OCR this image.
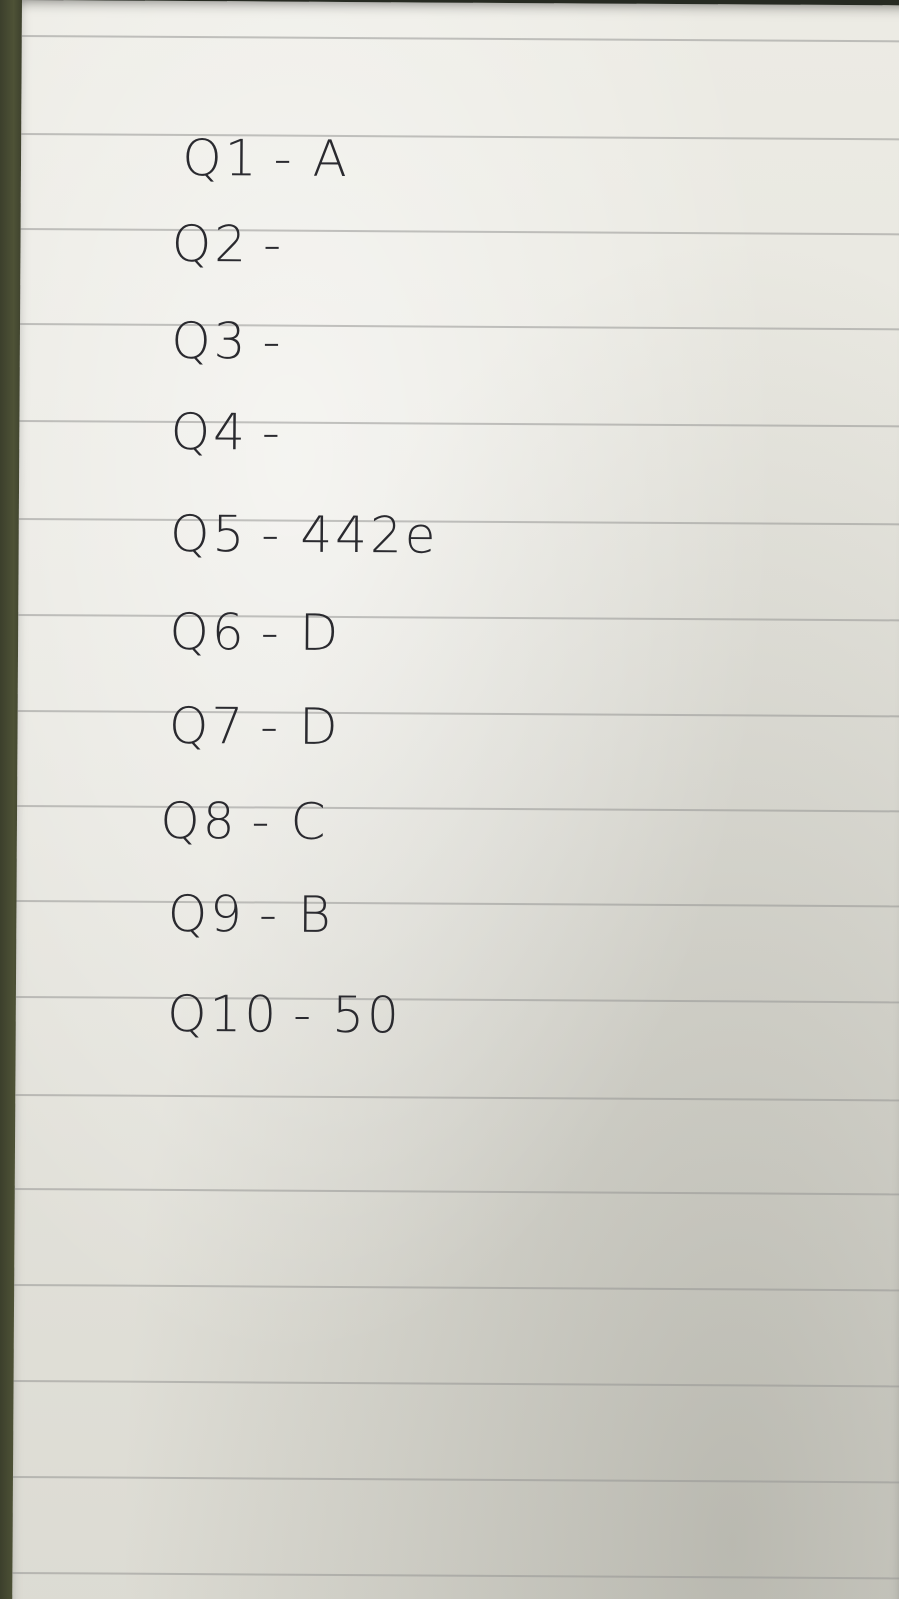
Q1 - A

Q2 -

Q3 -

Q4 -

Q5 - 442e

Q6 - D

Q7 - D

Q8 - C

Q9 - B

Q10 - 50
